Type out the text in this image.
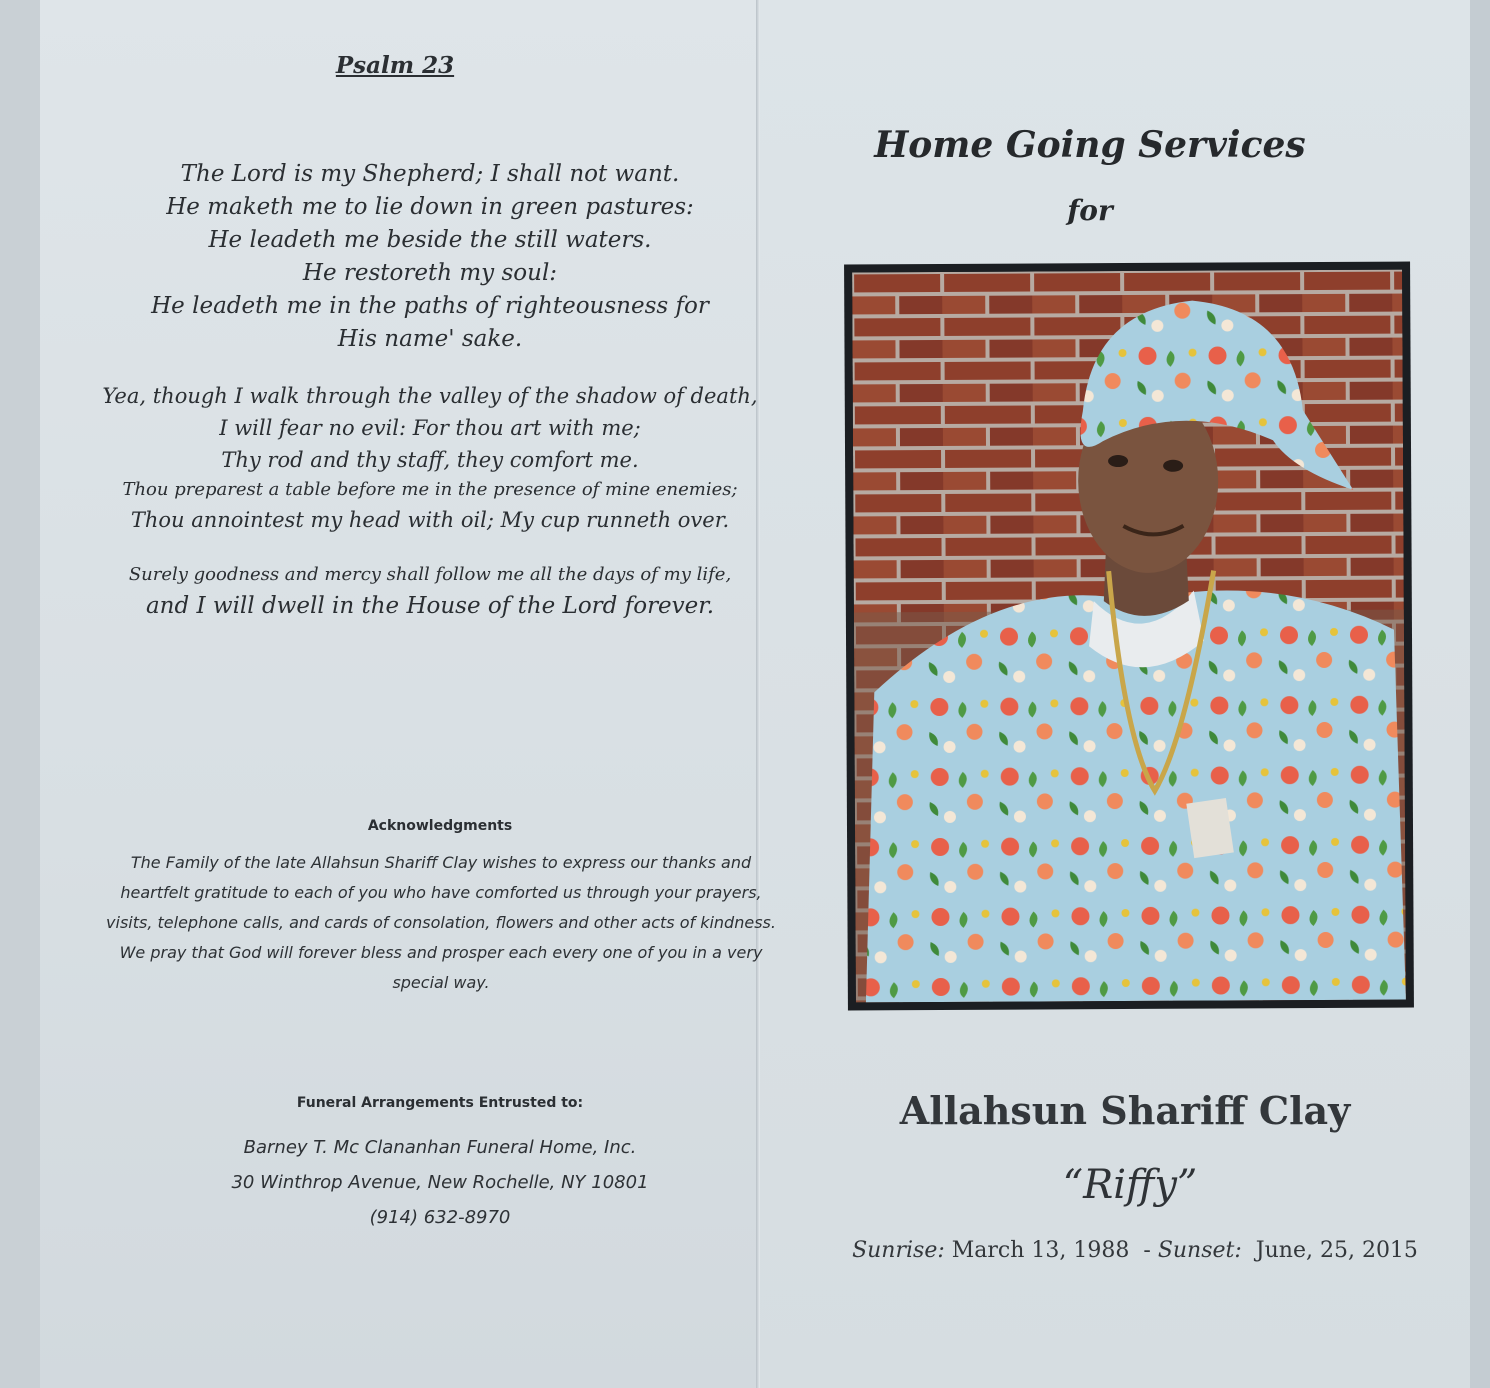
Psalm 23

The Lord is my Shepherd; I shall not want.

He maketh me to lie down in green pastures:

He leadeth me beside the still waters.

He restoreth my soul:

He leadeth me in the paths of righteousness for

His name' sake.

Yea, though I walk through the valley of the shadow of death,

I will fear no evil: For thou art with me;

Thy rod and thy staff, they comfort me.

Thou preparest a table before me in the presence of mine enemies;

Thou annointest my head with oil; My cup runneth over.

Surely goodness and mercy shall follow me all the days of my life,

and I will dwell in the House of the Lord forever.

Acknowledgments

The Family of the late Allahsun Shariff Clay wishes to express our thanks and

heartfelt gratitude to each of you who have comforted us through your prayers,

visits, telephone calls, and cards of consolation, flowers and other acts of kindness.

We pray that God will forever bless and prosper each every one of you in a very

special way.

Funeral Arrangements Entrusted to:

Barney T. Mc Clananhan Funeral Home, Inc.

30 Winthrop Avenue, New Rochelle, NY 10801

(914) 632-8970

Home Going Services
for
Allahsun Shariff Clay
“Riffy”
Sunrise: March 13, 1988 - Sunset: June, 25, 2015
